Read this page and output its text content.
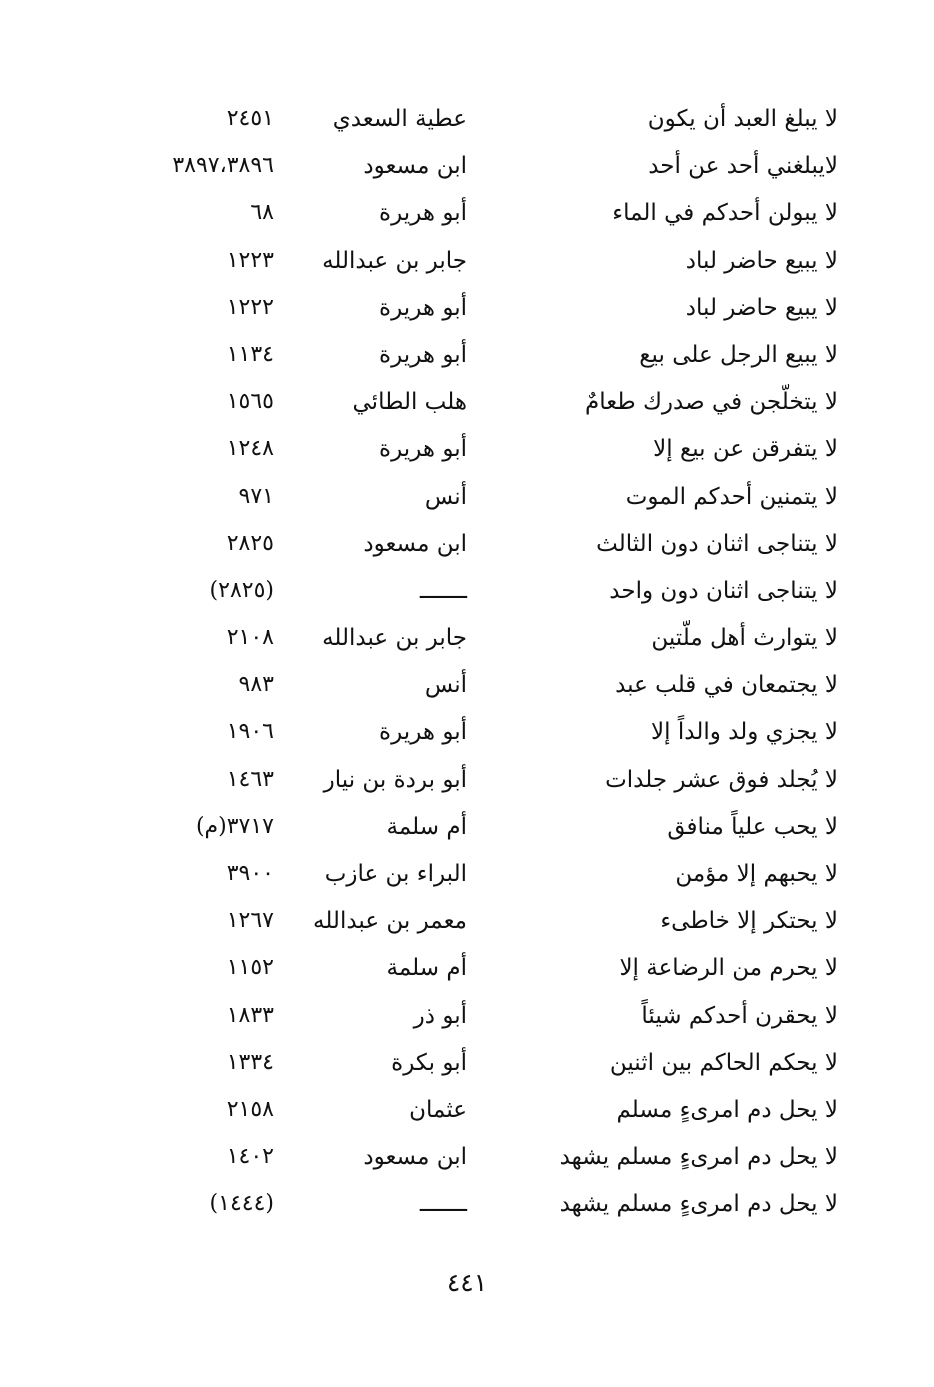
لا يبلغ العبد أن يكون
عطية السعدي
٢٤٥١
لايبلغني أحد عن أحد
ابن مسعود
٣٨٩٧،٣٨٩٦
لا يبولن أحدكم في الماء
أبو هريرة
٦٨
لا يبيع حاضر لباد
جابر بن عبدالله
١٢٢٣
لا يبيع حاضر لباد
أبو هريرة
١٢٢٢
لا يبيع الرجل على بيع
أبو هريرة
١١٣٤
لا يتخلّجن في صدرك طعامٌ
هلب الطائي
١٥٦٥
لا يتفرقن عن بيع إلا
أبو هريرة
١٢٤٨
لا يتمنين أحدكم الموت
أنس
٩٧١
لا يتناجى اثنان دون الثالث
ابن مسعود
٢٨٢٥
لا يتناجى اثنان دون واحد
ـــــــ
(٢٨٢٥)
لا يتوارث أهل ملّتين
جابر بن عبدالله
٢١٠٨
لا يجتمعان في قلب عبد
أنس
٩٨٣
لا يجزي ولد والداً إلا
أبو هريرة
١٩٠٦
لا يُجلد فوق عشر جلدات
أبو بردة بن نيار
١٤٦٣
لا يحب علياً منافق
أم سلمة
٣٧١٧(م)
لا يحبهم إلا مؤمن
البراء بن عازب
٣٩٠٠
لا يحتكر إلا خاطىء
معمر بن عبدالله
١٢٦٧
لا يحرم من الرضاعة إلا
أم سلمة
١١٥٢
لا يحقرن أحدكم شيئاً
أبو ذر
١٨٣٣
لا يحكم الحاكم بين اثنين
أبو بكرة
١٣٣٤
لا يحل دم امرىءٍ مسلم
عثمان
٢١٥٨
لا يحل دم امرىءٍ مسلم يشهد
ابن مسعود
١٤٠٢
لا يحل دم امرىءٍ مسلم يشهد
ـــــــ
(١٤٤٤)
٤٤١
